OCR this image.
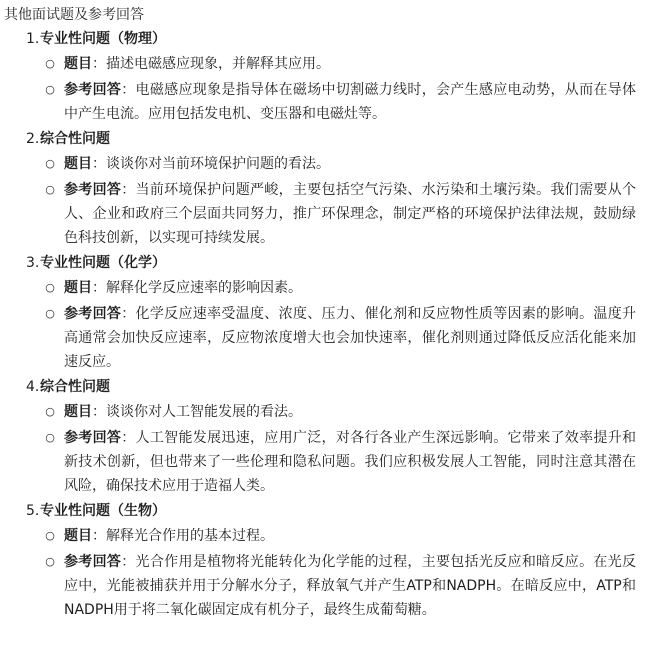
其他面试题及参考回答
1. 专业性问题（物理）
○ 题目：描述电磁感应现象，并解释其应用。
○ 参考回答：电磁感应现象是指导体在磁场中切割磁力线时，会产生感应电动势，从而在导体中产生电流。应用包括发电机、变压器和电磁灶等。
2. 综合性问题
○ 题目：谈谈你对当前环境保护问题的看法。
○ 参考回答：当前环境保护问题严峻，主要包括空气污染、水污染和土壤污染。我们需要从个人、企业和政府三个层面共同努力，推广环保理念，制定严格的环境保护法律法规，鼓励绿色科技创新，以实现可持续发展。
3. 专业性问题（化学）
○ 题目：解释化学反应速率的影响因素。
○ 参考回答：化学反应速率受温度、浓度、压力、催化剂和反应物性质等因素的影响。温度升高通常会加快反应速率，反应物浓度增大也会加快速率，催化剂则通过降低反应活化能来加速反应。
4. 综合性问题
○ 题目：谈谈你对人工智能发展的看法。
○ 参考回答：人工智能发展迅速，应用广泛，对各行各业产生深远影响。它带来了效率提升和新技术创新，但也带来了一些伦理和隐私问题。我们应积极发展人工智能，同时注意其潜在风险，确保技术应用于造福人类。
5. 专业性问题（生物）
○ 题目：解释光合作用的基本过程。
○ 参考回答：光合作用是植物将光能转化为化学能的过程，主要包括光反应和暗反应。在光反应中，光能被捕获并用于分解水分子，释放氧气并产生ATP和NADPH。在暗反应中，ATP和NADPH用于将二氧化碳固定成有机分子，最终生成葡萄糖。
